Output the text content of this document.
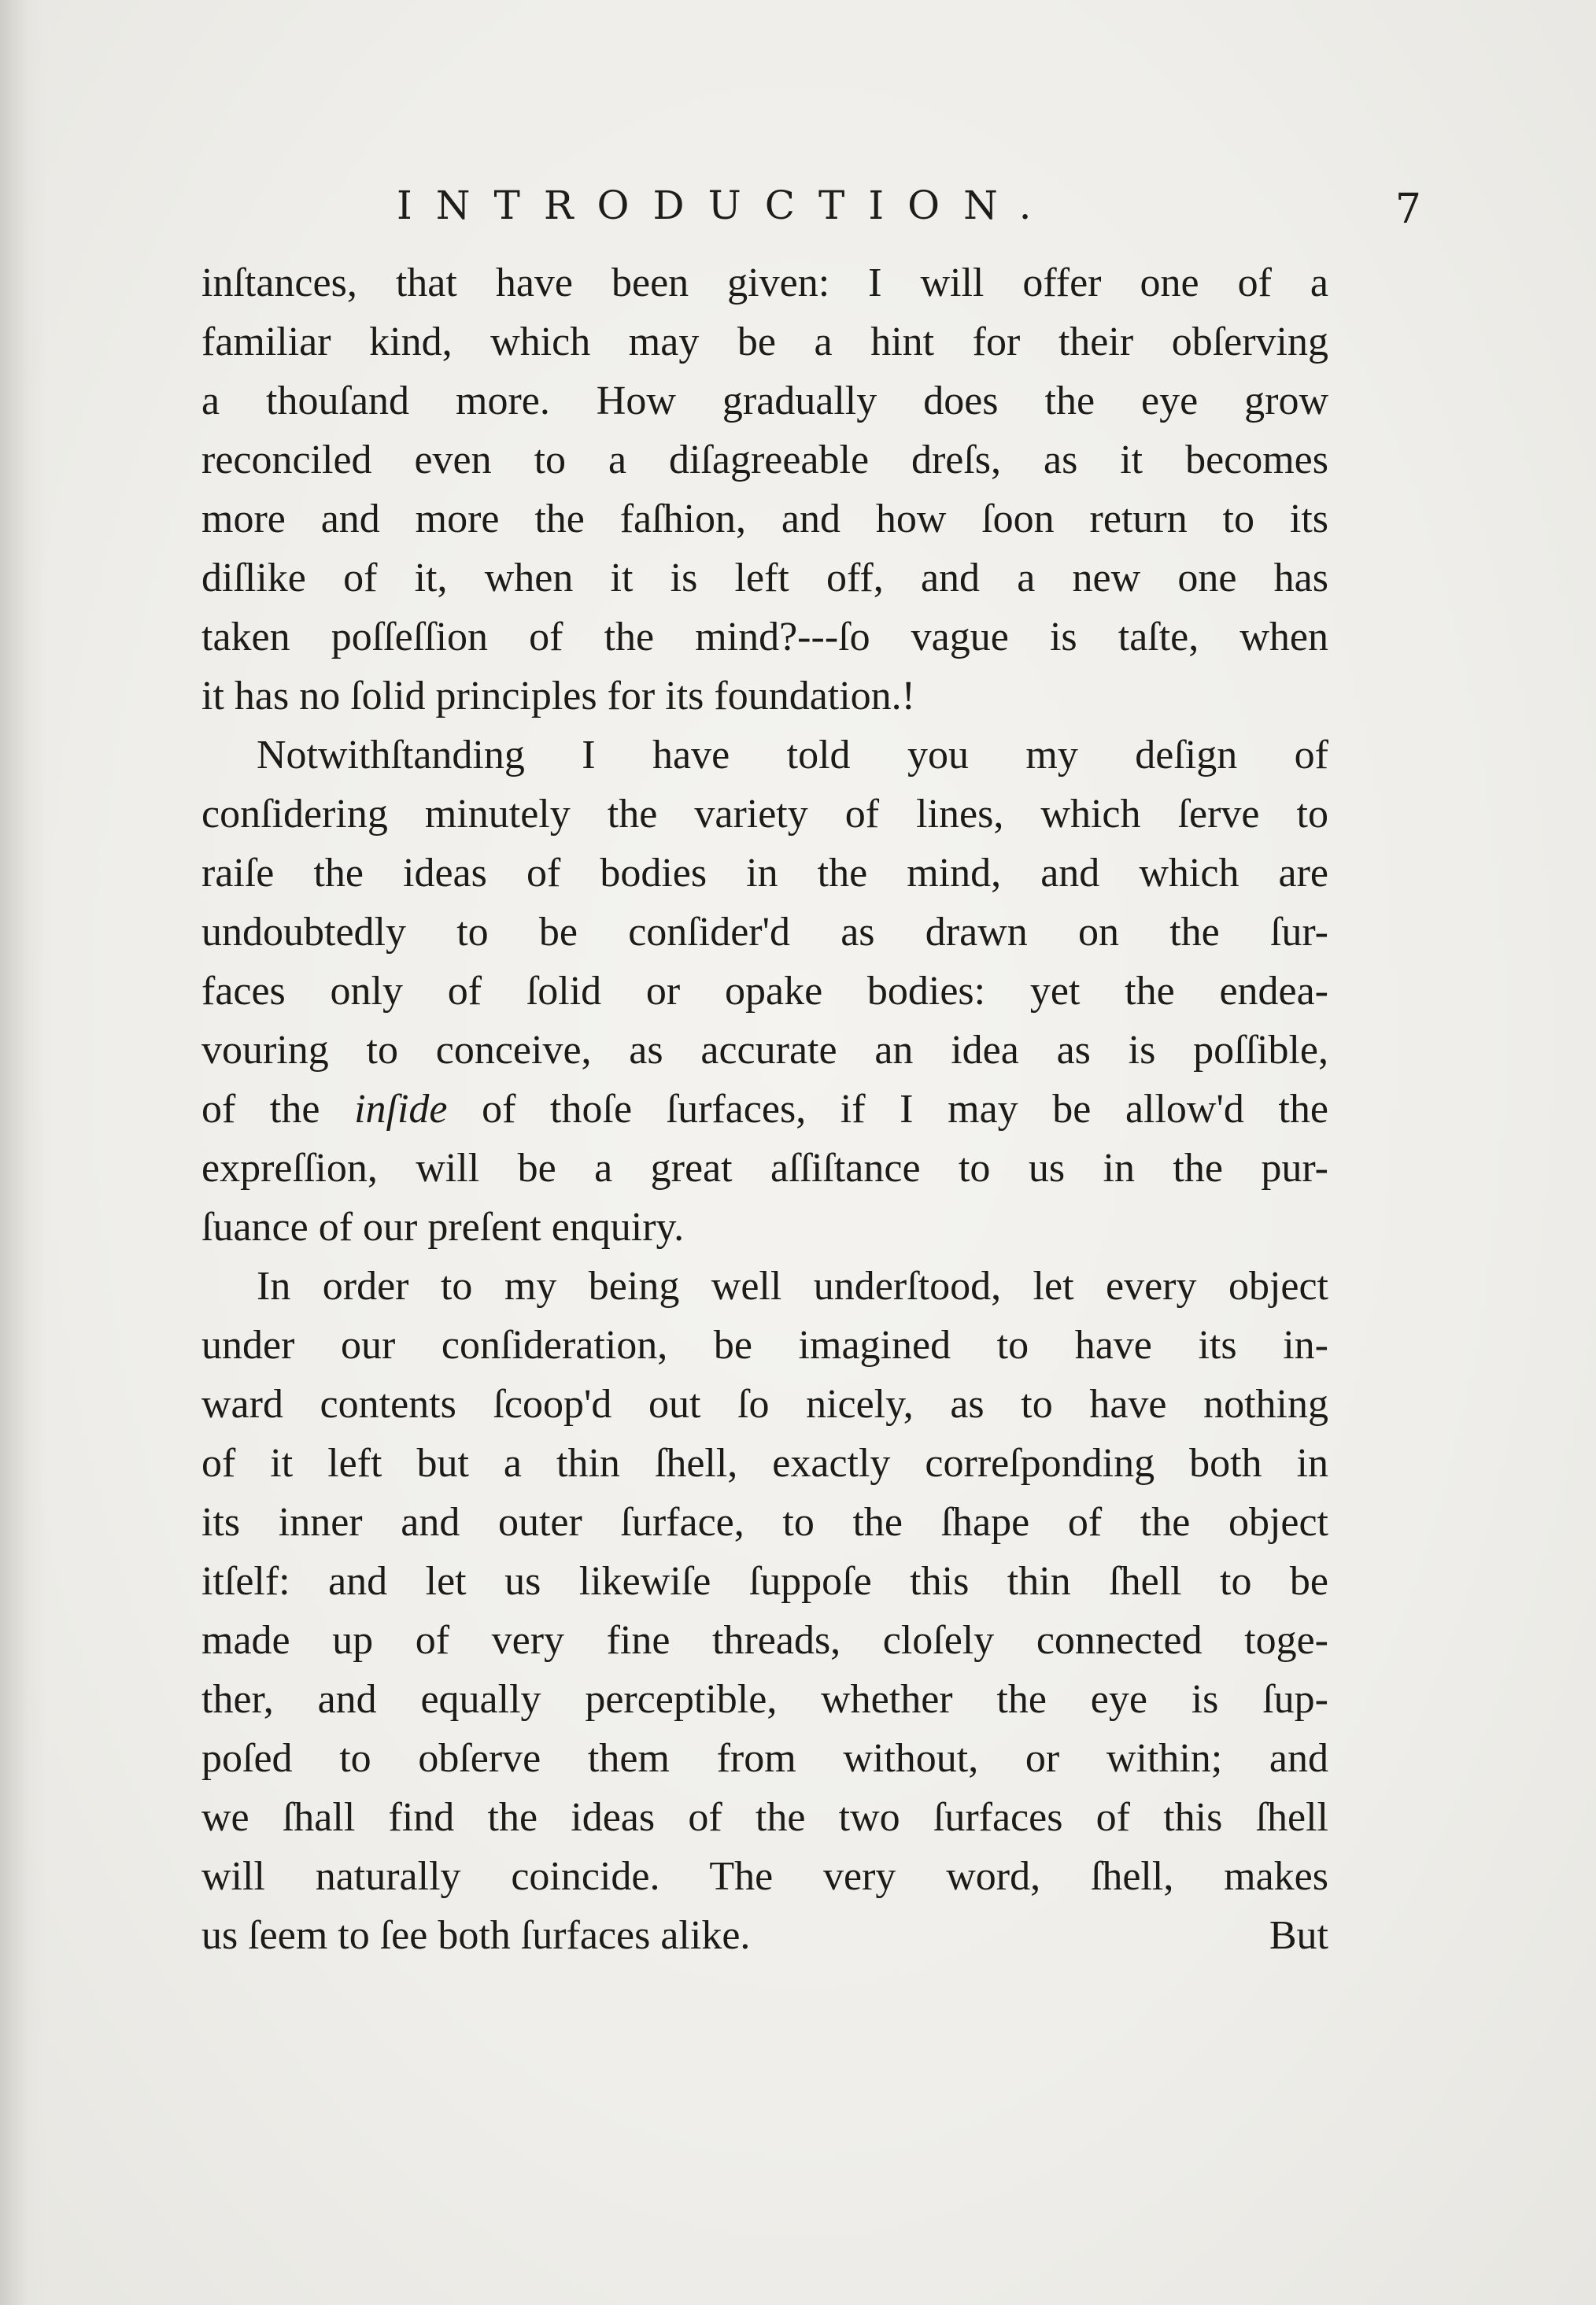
INTRODUCTION.	7
inſtances, that have been given: I will offer one of a
familiar kind, which may be a hint for their obſerving
a thouſand more. How gradually does the eye grow
reconciled even to a diſagreeable dreſs, as it becomes
more and more the faſhion, and how ſoon return to its
diſlike of it, when it is left off, and a new one has
taken poſſeſſion of the mind?---ſo vague is taſte, when
it has no ſolid principles for its foundation.!
Notwithſtanding I have told you my deſign of
conſidering minutely the variety of lines, which ſerve to
raiſe the ideas of bodies in the mind, and which are
undoubtedly to be conſider'd as drawn on the ſur-
faces only of ſolid or opake bodies: yet the endea-
vouring to conceive, as accurate an idea as is poſſible,
of the inſide of thoſe ſurfaces, if I may be allow'd the
expreſſion, will be a great aſſiſtance to us in the pur-
ſuance of our preſent enquiry.
In order to my being well underſtood, let every object
under our conſideration, be imagined to have its in-
ward contents ſcoop'd out ſo nicely, as to have nothing
of it left but a thin ſhell, exactly correſponding both in
its inner and outer ſurface, to the ſhape of the object
itſelf: and let us likewiſe ſuppoſe this thin ſhell to be
made up of very fine threads, cloſely connected toge-
ther, and equally perceptible, whether the eye is ſup-
poſed to obſerve them from without, or within; and
we ſhall find the ideas of the two ſurfaces of this ſhell
will naturally coincide. The very word, ſhell, makes
us ſeem to ſee both ſurfaces alike.	But
